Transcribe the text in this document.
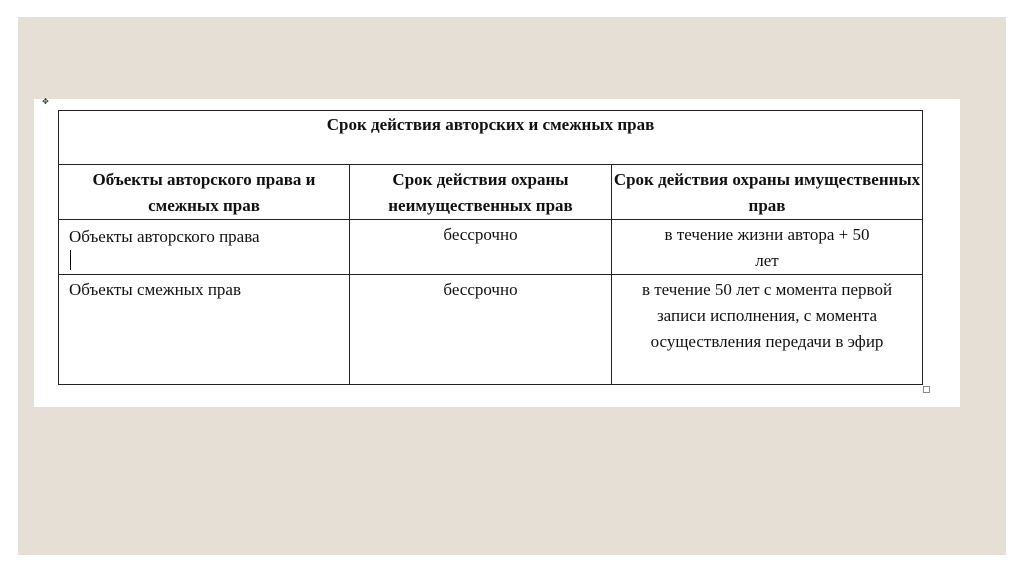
✥
Срок действия авторских и смежных прав		

Объекты авторского права и смежных прав	Срок действия охраны неимущественных прав	Срок действия охраны имущественных прав

Объекты авторского права	бессрочно	в течение жизни автора + 50 лет

Объекты смежных прав	бессрочно	в течение 50 лет с момента первой записи исполнения, с момента осуществления передачи в эфир
